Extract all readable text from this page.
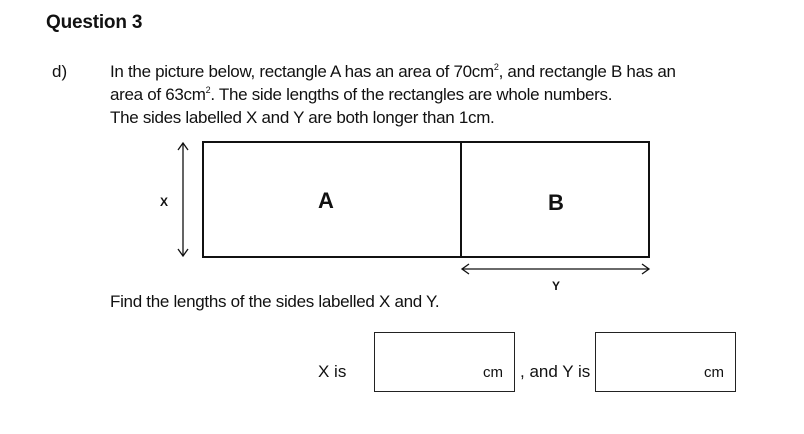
Question 3
d)	In the picture below, rectangle A has an area of $70cm^2$, and rectangle B has an
area of $63cm^2$. The side lengths of the rectangles are whole numbers.
The sides labelled X and Y are both longer than 1cm.
A	B
X
Y
Find the lengths of the sides labelled X and Y.
X is	cm , and Y is	cm
